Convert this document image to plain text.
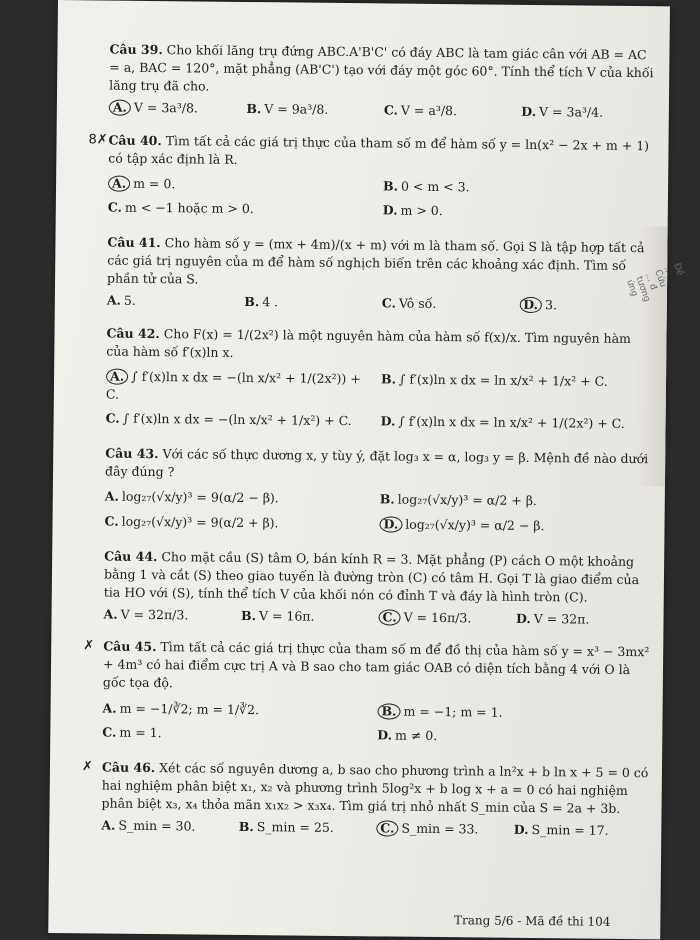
Đề ... Cứu ... đ tương ứng
Câu 39. Cho khối lăng trụ đứng ABC.A'B'C' có đáy ABC là tam giác cân với AB = AC = a, BAC = 120°, mặt phẳng (AB'C') tạo với đáy một góc 60°. Tính thể tích V của khối lăng trụ đã cho.
A. V = 3a³/8.	B. V = 9a³/8.	C. V = a³/8.	D. V = 3a³/4.
8✗ Câu 40. Tìm tất cả các giá trị thực của tham số m để hàm số y = ln(x² − 2x + m + 1) có tập xác định là R.
A. m = 0.	B. 0 < m < 3.
C. m < −1 hoặc m > 0.	D. m > 0.
Câu 41. Cho hàm số y = (mx + 4m)/(x + m) với m là tham số. Gọi S là tập hợp tất cả các giá trị nguyên của m để hàm số nghịch biến trên các khoảng xác định. Tìm số phần tử của S.
A. 5.	B. 4 .	C. Vô số.	D. 3.
Câu 42. Cho F(x) = 1/(2x²) là một nguyên hàm của hàm số f(x)/x. Tìm nguyên hàm của hàm số f′(x)ln x.
A. ∫ f′(x)ln x dx = −(ln x/x² + 1/(2x²)) + C.
B. ∫ f′(x)ln x dx = ln x/x² + 1/x² + C.
C. ∫ f′(x)ln x dx = −(ln x/x² + 1/x²) + C.	D. ∫ f′(x)ln x dx = ln x/x² + 1/(2x²) + C.
Câu 43. Với các số thực dương x, y tùy ý, đặt log₃ x = α, log₃ y = β. Mệnh đề nào dưới đây đúng ?
A. log₂₇(√x/y)³ = 9(α/2 − β).	B. log₂₇(√x/y)³ = α/2 + β.
C. log₂₇(√x/y)³ = 9(α/2 + β).	D. log₂₇(√x/y)³ = α/2 − β.
Câu 44. Cho mặt cầu (S) tâm O, bán kính R = 3. Mặt phẳng (P) cách O một khoảng bằng 1 và cắt (S) theo giao tuyến là đường tròn (C) có tâm H. Gọi T là giao điểm của tia HO với (S), tính thể tích V của khối nón có đỉnh T và đáy là hình tròn (C).
A. V = 32π/3.	B. V = 16π.	C. V = 16π/3.	D. V = 32π.
✗ Câu 45. Tìm tất cả các giá trị thực của tham số m để đồ thị của hàm số y = x³ − 3mx² + 4m³ có hai điểm cực trị A và B sao cho tam giác OAB có diện tích bằng 4 với O là gốc tọa độ.
A. m = −1/∛2; m = 1/∛2.	B. m = −1; m = 1.
C. m = 1.	D. m ≠ 0.
✗ Câu 46. Xét các số nguyên dương a, b sao cho phương trình a ln²x + b ln x + 5 = 0 có hai nghiệm phân biệt x₁, x₂ và phương trình 5log²x + b log x + a = 0 có hai nghiệm phân biệt x₃, x₄ thỏa mãn x₁x₂ > x₃x₄. Tìm giá trị nhỏ nhất S_min của S = 2a + 3b.
A. S_min = 30.	B. S_min = 25.	C. S_min = 33.	D. S_min = 17.
Trang 5/6 - Mã đề thi 104
